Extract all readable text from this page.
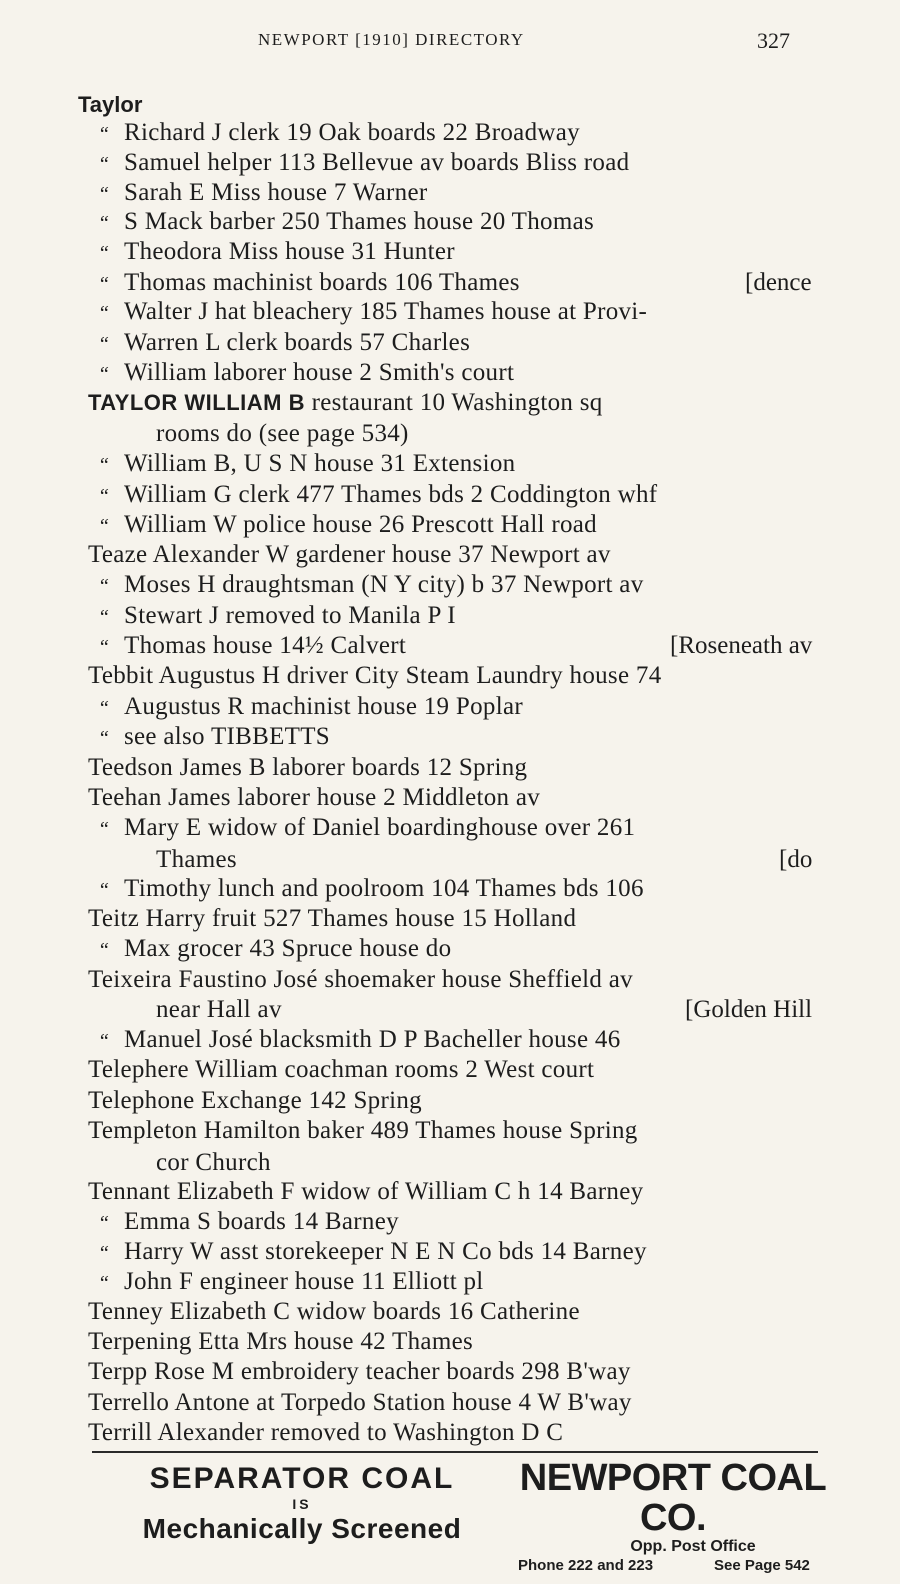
NEWPORT [1910] DIRECTORY	327
Taylor
“ Richard J clerk 19 Oak boards 22 Broadway
“ Samuel helper 113 Bellevue av boards Bliss road
“ Sarah E Miss house 7 Warner
“ S Mack barber 250 Thames house 20 Thomas
“ Theodora Miss house 31 Hunter
“ Thomas machinist boards 106 Thames	[dence
“ Walter J hat bleachery 185 Thames house at Provi-
“ Warren L clerk boards 57 Charles
“ William laborer house 2 Smith's court
TAYLOR WILLIAM B restaurant 10 Washington sq
rooms do (see page 534)
“ William B, U S N house 31 Extension
“ William G clerk 477 Thames bds 2 Coddington whf
“ William W police house 26 Prescott Hall road
Teaze Alexander W gardener house 37 Newport av
“ Moses H draughtsman (N Y city) b 37 Newport av
“ Stewart J removed to Manila P I
“ Thomas house 14½ Calvert	[Roseneath av
Tebbit Augustus H driver City Steam Laundry house 74
“ Augustus R machinist house 19 Poplar
“ see also TIBBETTS
Teedson James B laborer boards 12 Spring
Teehan James laborer house 2 Middleton av
“ Mary E widow of Daniel boardinghouse over 261
Thames	[do
“ Timothy lunch and poolroom 104 Thames bds 106
Teitz Harry fruit 527 Thames house 15 Holland
“ Max grocer 43 Spruce house do
Teixeira Faustino José shoemaker house Sheffield av
near Hall av	[Golden Hill
“ Manuel José blacksmith D P Bacheller house 46
Telephere William coachman rooms 2 West court
Telephone Exchange 142 Spring
Templeton Hamilton baker 489 Thames house Spring
cor Church
Tennant Elizabeth F widow of William C h 14 Barney
“ Emma S boards 14 Barney
“ Harry W asst storekeeper N E N Co bds 14 Barney
“ John F engineer house 11 Elliott pl
Tenney Elizabeth C widow boards 16 Catherine
Terpening Etta Mrs house 42 Thames
Terpp Rose M embroidery teacher boards 298 B'way
Terrello Antone at Torpedo Station house 4 W B'way
Terrill Alexander removed to Washington D C
SEPARATOR COAL
IS
Mechanically Screened
NEWPORT COAL CO.
Opp. Post Office
Phone 222 and 223	See Page 542
